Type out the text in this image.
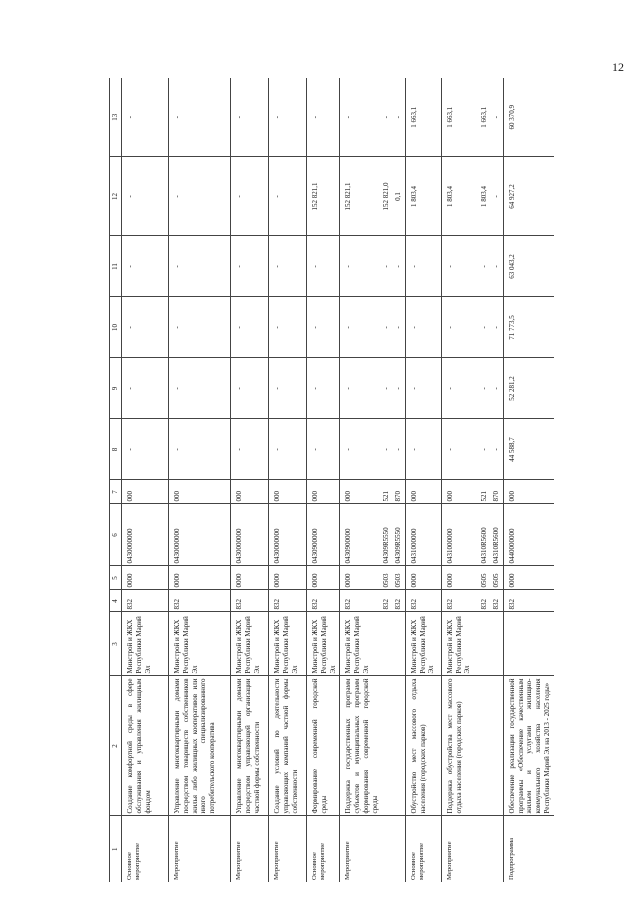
12
1	2	3	4	5	6	7	8	9	10	11	12	13
Основное мероприятие	Создание комфортной среды в сфере обслуживания и управления жилищным фондом	Минстрой и ЖКХ Республики Марий Эл	832	0000	0430000000	000	-	-	-	-	-	-
Мероприятие	Управление многоквартирными домами посредством товариществ собственников жилья либо жилищных кооперативов или иного специализированного потребительского кооператива	Минстрой и ЖКХ Республики Марий Эл	832	0000	0430000000	000	-	-	-	-	-	-
Мероприятие	Управление многоквартирными домами посредством управляющей организации частной формы собственности	Минстрой и ЖКХ Республики Марий Эл	832	0000	0430000000	000	-	-	-	-	-	-
Мероприятие	Создание условий по деятельности управляющих компаний частной формы собственности	Минстрой и ЖКХ Республики Марий Эл	832	0000	0430000000	000	-	-	-	-	-	-
Основное мероприятие	Формирование современной городской среды	Минстрой и ЖКХ Республики Марий Эл	832	0000	0430900000	000	-	-	-	-	152 821,1	-
Мероприятие	Поддержка государственных программ субъектов и муниципальных программ формирования современной городской среды	Минстрой и ЖКХ Республики Марий Эл	832	0000	0430900000	000	-	-	-	-	152 821,1	-
			832	0503	04309R5550	521	-	-	-	-	152 821,0	-
			832	0503	04309R5550	870	-	-	-	-	0,1	-
Основное мероприятие	Обустройство мест массового отдыха населения (городских парков)	Минстрой и ЖКХ Республики Марий Эл	832	0000	0431000000	000	-	-	-	-	1 803,4	1 663,1
Мероприятие	Поддержка обустройства мест массового отдыха населения (городских парков)	Минстрой и ЖКХ Республики Марий Эл	832	0000	0431000000	000	-	-	-	-	1 803,4	1 663,1
			832	0505	04310R5600	521	-	-	-	-	1 803,4	1 663,1
			832	0505	04310R5600	870	-	-	-	-	-	-
Подпрограмма	Обеспечение реализации государственной программы «Обеспечение качественным жильем и услугами жилищно-коммунального хозяйства населения Республики Марий Эл на 2013 - 2025 годы»		832	0000	0440000000	000	44 588,7	52 281,2	71 773,5	63 043,2	64 927,2	60 370,9
